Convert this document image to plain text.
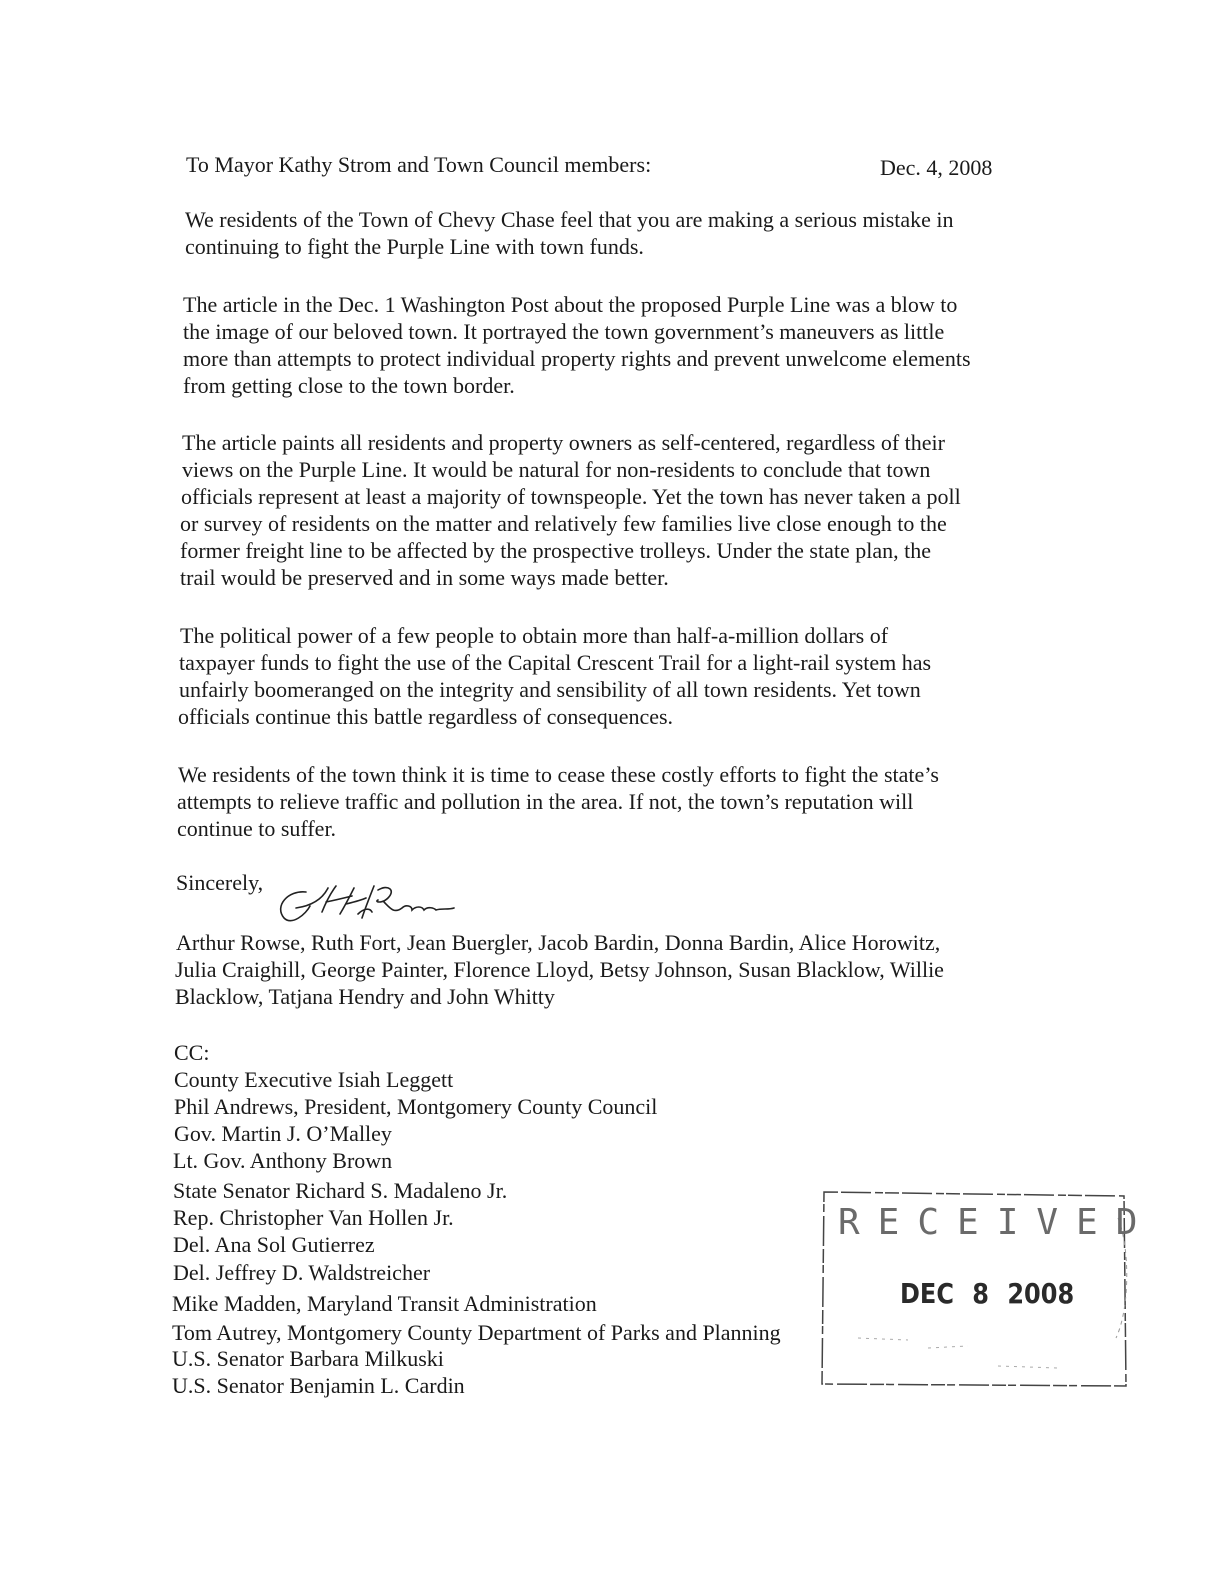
To Mayor Kathy Strom and Town Council members:	Dec. 4, 2008
We residents of the Town of Chevy Chase feel that you are making a serious mistake in
continuing to fight the Purple Line with town funds.
The article in the Dec. 1 Washington Post about the proposed Purple Line was a blow to
the image of our beloved town. It portrayed the town government’s maneuvers as little
more than attempts to protect individual property rights and prevent unwelcome elements
from getting close to the town border.
The article paints all residents and property owners as self-centered, regardless of their
views on the Purple Line. It would be natural for non-residents to conclude that town
officials represent at least a majority of townspeople. Yet the town has never taken a poll
or survey of residents on the matter and relatively few families live close enough to the
former freight line to be affected by the prospective trolleys. Under the state plan, the
trail would be preserved and in some ways made better.
The political power of a few people to obtain more than half-a-million dollars of
taxpayer funds to fight the use of the Capital Crescent Trail for a light-rail system has
unfairly boomeranged on the integrity and sensibility of all town residents. Yet town
officials continue this battle regardless of consequences.
We residents of the town think it is time to cease these costly efforts to fight the state’s
attempts to relieve traffic and pollution in the area. If not, the town’s reputation will
continue to suffer.
Sincerely,
Arthur Rowse, Ruth Fort, Jean Buergler, Jacob Bardin, Donna Bardin, Alice Horowitz,
Julia Craighill, George Painter, Florence Lloyd, Betsy Johnson, Susan Blacklow, Willie
Blacklow, Tatjana Hendry and John Whitty
CC:
County Executive Isiah Leggett
Phil Andrews, President, Montgomery County Council
Gov. Martin J. O’Malley
Lt. Gov. Anthony Brown
State Senator Richard S. Madaleno Jr.
Rep. Christopher Van Hollen Jr.
Del. Ana Sol Gutierrez
Del. Jeffrey D. Waldstreicher
Mike Madden, Maryland Transit Administration
Tom Autrey, Montgomery County Department of Parks and Planning
U.S. Senator Barbara Milkuski
U.S. Senator Benjamin L. Cardin
RECEIVED
DEC 8 2008
